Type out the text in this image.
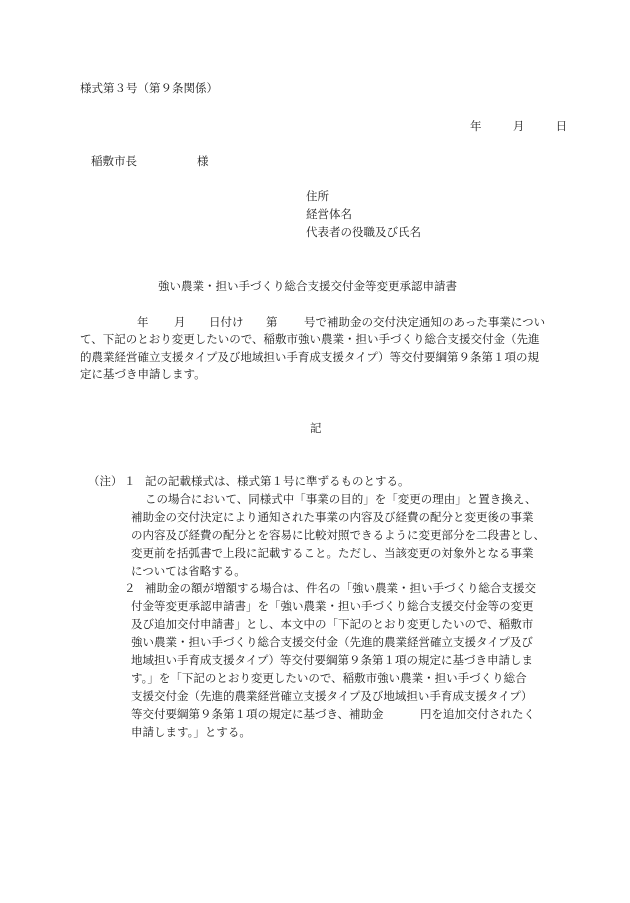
様式第３号（第９条関係）
年	月	日
稲敷市長	様
住所
経営体名
代表者の役職及び氏名
強い農業・担い手づくり総合支援交付金等変更承認申請書
年 月 日付け 第 号で補助金の交付決定通知のあった事業につい
て、下記のとおり変更したいので、稲敷市強い農業・担い手づくり総合支援交付金（先進
的農業経営確立支援タイプ及び地域担い手育成支援タイプ）等交付要綱第９条第１項の規
定に基づき申請します。
記
（注） １ 記の記載様式は、様式第１号に準ずるものとする。
この場合において、同様式中「事業の目的」を「変更の理由」と置き換え、
補助金の交付決定により通知された事業の内容及び経費の配分と変更後の事業
の内容及び経費の配分とを容易に比較対照できるように変更部分を二段書とし、
変更前を括弧書で上段に記載すること。ただし、当該変更の対象外となる事業
については省略する。
２ 補助金の額が増額する場合は、件名の「強い農業・担い手づくり総合支援交
付金等変更承認申請書」を「強い農業・担い手づくり総合支援交付金等の変更
及び追加交付申請書」とし、本文中の「下記のとおり変更したいので、稲敷市
強い農業・担い手づくり総合支援交付金（先進的農業経営確立支援タイプ及び
地域担い手育成支援タイプ）等交付要綱第９条第１項の規定に基づき申請しま
す。」を「下記のとおり変更したいので、稲敷市強い農業・担い手づくり総合
支援交付金（先進的農業経営確立支援タイプ及び地域担い手育成支援タイプ）
等交付要綱第９条第１項の規定に基づき、補助金	円を追加交付されたく
申請します。」とする。
